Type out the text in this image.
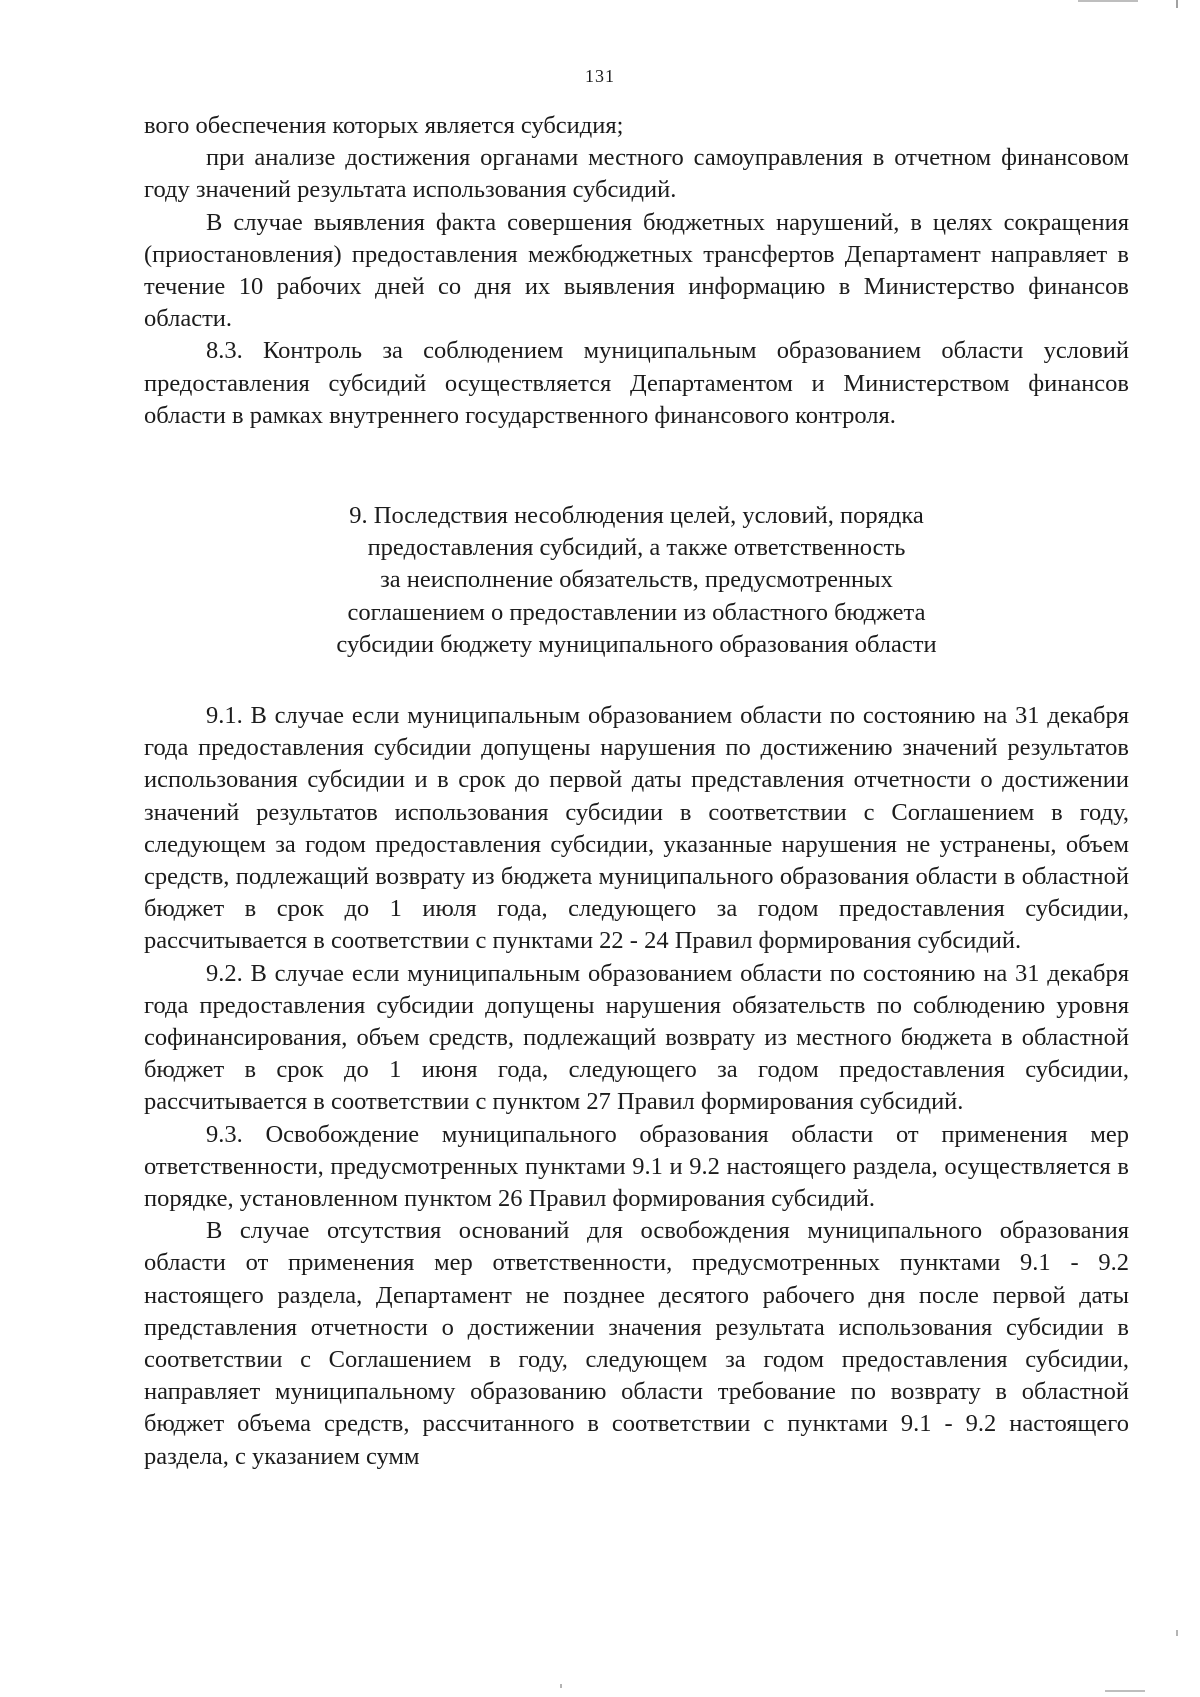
131

вого обеспечения которых является субсидия;

при анализе достижения органами местного самоуправления в отчетном финансовом году значений результата использования субсидий.

В случае выявления факта совершения бюджетных нарушений, в целях сокращения (приостановления) предоставления межбюджетных трансфертов Департамент направляет в течение 10 рабочих дней со дня их выявления информацию в Министерство финансов области.

8.3. Контроль за соблюдением муниципальным образованием области условий предоставления субсидий осуществляется Департаментом и Министерством финансов области в рамках внутреннего государственного финансового контроля.

9. Последствия несоблюдения целей, условий, порядка
предоставления субсидий, а также ответственность
за неисполнение обязательств, предусмотренных
соглашением о предоставлении из областного бюджета
субсидии бюджету муниципального образования области

9.1. В случае если муниципальным образованием области по состоянию на 31 декабря года предоставления субсидии допущены нарушения по достижению значений результатов использования субсидии и в срок до первой даты представления отчетности о достижении значений результатов использования субсидии в соответствии с Соглашением в году, следующем за годом предоставления субсидии, указанные нарушения не устранены, объем средств, подлежащий возврату из бюджета муниципального образования области в областной бюджет в срок до 1 июля года, следующего за годом предоставления субсидии, рассчитывается в соответствии с пунктами 22 - 24 Правил формирования субсидий.

9.2. В случае если муниципальным образованием области по состоянию на 31 декабря года предоставления субсидии допущены нарушения обязательств по соблюдению уровня софинансирования, объем средств, подлежащий возврату из местного бюджета в областной бюджет в срок до 1 июня года, следующего за годом предоставления субсидии, рассчитывается в соответствии с пунктом 27 Правил формирования субсидий.

9.3. Освобождение муниципального образования области от применения мер ответственности, предусмотренных пунктами 9.1 и 9.2 настоящего раздела, осуществляется в порядке, установленном пунктом 26 Правил формирования субсидий.

В случае отсутствия оснований для освобождения муниципального образования области от применения мер ответственности, предусмотренных пунктами 9.1 - 9.2 настоящего раздела, Департамент не позднее десятого рабочего дня после первой даты представления отчетности о достижении значения результата использования субсидии в соответствии с Соглашением в году, следующем за годом предоставления субсидии, направляет муниципальному образованию области требование по возврату в областной бюджет объема средств, рассчитанного в соответствии с пунктами 9.1 - 9.2 настоящего раздела, с указанием сумм
